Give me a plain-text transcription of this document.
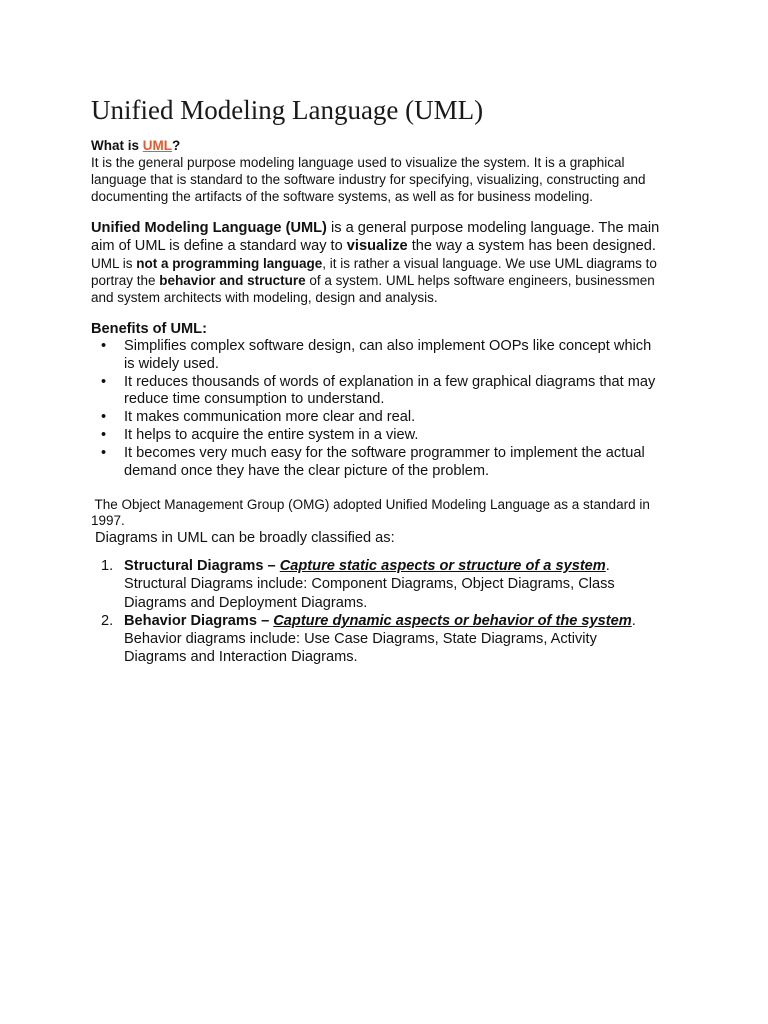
Unified Modeling Language (UML)
What is UML?
It is the general purpose modeling language used to visualize the system. It is a graphical
language that is standard to the software industry for specifying, visualizing, constructing and
documenting the artifacts of the software systems, as well as for business modeling.
Unified Modeling Language (UML) is a general purpose modeling language. The main
aim of UML is define a standard way to visualize the way a system has been designed.
UML is not a programming language, it is rather a visual language. We use UML diagrams to
portray the behavior and structure of a system. UML helps software engineers, businessmen
and system architects with modeling, design and analysis.
Benefits of UML:
• Simplifies complex software design, can also implement OOPs like concept which
is widely used.
• It reduces thousands of words of explanation in a few graphical diagrams that may
reduce time consumption to understand.
• It makes communication more clear and real.
• It helps to acquire the entire system in a view.
• It becomes very much easy for the software programmer to implement the actual
demand once they have the clear picture of the problem.
The Object Management Group (OMG) adopted Unified Modeling Language as a standard in
1997.
Diagrams in UML can be broadly classified as:
1. Structural Diagrams – Capture static aspects or structure of a system.
Structural Diagrams include: Component Diagrams, Object Diagrams, Class
Diagrams and Deployment Diagrams.
2. Behavior Diagrams – Capture dynamic aspects or behavior of the system.
Behavior diagrams include: Use Case Diagrams, State Diagrams, Activity
Diagrams and Interaction Diagrams.
